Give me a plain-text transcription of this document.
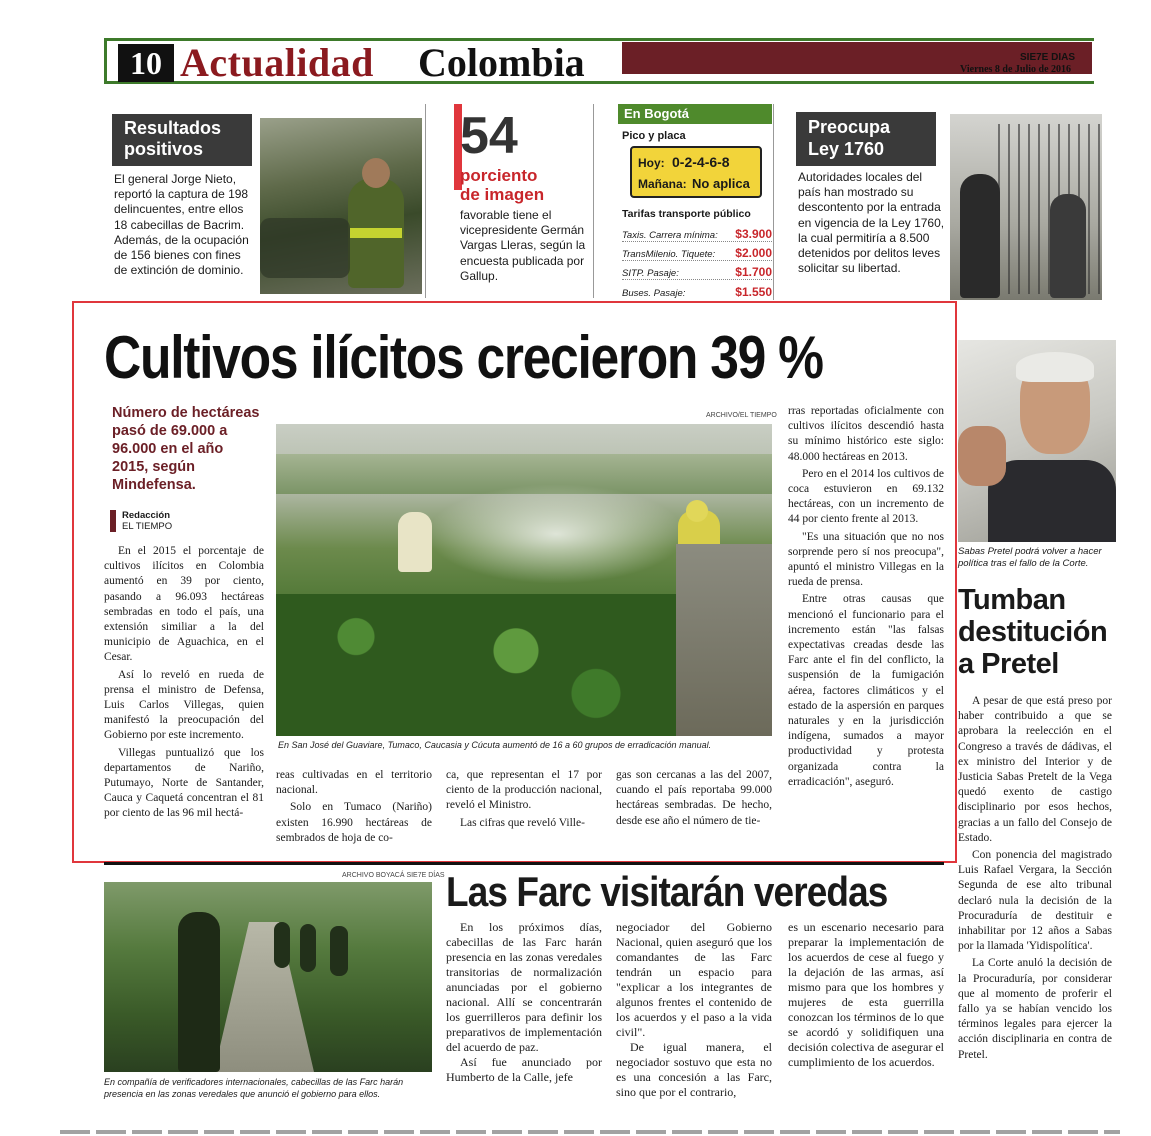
10 Actualidad Colombia	SIE7E DIAS
Viernes 8 de Julio de 2016
Resultados
positivos
El general Jorge Nieto, reportó la captura de 198 delincuentes, entre ellos 18 cabecillas de Bacrim. Además, de la ocupación de 156 bienes con fines de extinción de dominio.
54
porciento
de imagen
favorable tiene el vicepresidente Germán Vargas Lleras, según la encuesta publicada por Gallup.
En Bogotá
Pico y placa
Hoy: 0-2-4-6-8
Mañana: No aplica
Tarifas transporte público
Taxis. Carrera mínima: $3.900
TransMilenio. Tiquete: $2.000
SITP. Pasaje:	$1.700
Buses. Pasaje:	$1.550
Preocupa
Ley 1760
Autoridades locales del país han mostrado su descontento por la entrada en vigencia de la Ley 1760, la cual permitiría a 8.500 detenidos por delitos leves solicitar su libertad.
Cultivos ilícitos crecieron 39 %
Número de hectáreas pasó de 69.000 a 96.000 en el año 2015, según Mindefensa.
Redacción
EL TIEMPO

En el 2015 el porcentaje de cultivos ilícitos en Colombia aumentó en 39 por ciento, pasando a 96.093 hectáreas sembradas en todo el país, una extensión similiar a la del municipio de Aguachica, en el Cesar.

Así lo reveló en rueda de prensa el ministro de Defensa, Luis Carlos Villegas, quien manifestó la preocupación del Gobierno por este incremento.

Villegas puntualizó que los departamentos de Nariño, Putumayo, Norte de Santander, Cauca y Caquetá concentran el 81 por ciento de las 96 mil hectá-

ARCHIVO/EL TIEMPO
En San José del Guaviare, Tumaco, Caucasia y Cúcuta aumentó de 16 a 60 grupos de erradicación manual.

reas cultivadas en el territorio nacional.

Solo en Tumaco (Nariño) existen 16.990 hectáreas de sembrados de hoja de co-

ca, que representan el 17 por ciento de la producción nacional, reveló el Ministro.

Las cifras que reveló Ville-

gas son cercanas a las del 2007, cuando el país reportaba 99.000 hectáreas sembradas. De hecho, desde ese año el número de tie-

rras reportadas oficialmente con cultivos ilícitos descendió hasta su mínimo histórico este siglo: 48.000 hectáreas en 2013.

Pero en el 2014 los cultivos de coca estuvieron en 69.132 hectáreas, con un incremento de 44 por ciento frente al 2013.

"Es una situación que no nos sorprende pero sí nos preocupa", apuntó el ministro Villegas en la rueda de prensa.

Entre otras causas que mencionó el funcionario para el incremento están "las falsas expectativas creadas desde las Farc ante el fin del conflicto, la suspensión de la fumigación aérea, factores climáticos y el estado de la aspersión en parques naturales y en la jurisdicción indígena, sumados a mayor productividad y protesta organizada contra la erradicación", aseguró.

Sabas Pretel podrá volver a hacer política tras el fallo de la Corte.
Tumban
destitución
a Pretel

A pesar de que está preso por haber contribuido a que se aprobara la reelección en el Congreso a través de dádivas, el ex ministro del Interior y de Justicia Sabas Pretelt de la Vega quedó exento de castigo disciplinario por esos hechos, gracias a un fallo del Consejo de Estado.

Con ponencia del magistrado Luis Rafael Vergara, la Sección Segunda de ese alto tribunal declaró nula la decisión de la Procuraduría de destituir e inhabilitar por 12 años a Sabas por la llamada 'Yidispolítica'.

La Corte anuló la decisión de la Procuraduría, por considerar que al momento de proferir el fallo ya se habían vencido los términos legales para ejercer la acción disciplinaria en contra de Pretel.

ARCHIVO BOYACÁ SIE7E DÍAS
En compañía de verificadores internacionales, cabecillas de las Farc harán presencia en las zonas veredales que anunció el gobierno para ellos.
Las Farc visitarán veredas

En los próximos días, cabecillas de las Farc harán presencia en las zonas veredales transitorias de normalización anunciadas por el gobierno nacional. Allí se concentrarán los guerrilleros para definir los preparativos de implementación del acuerdo de paz.

Así fue anunciado por Humberto de la Calle, jefe

negociador del Gobierno Nacional, quien aseguró que los comandantes de las Farc tendrán un espacio para "explicar a los integrantes de algunos frentes el contenido de los acuerdos y el paso a la vida civil".

De igual manera, el negociador sostuvo que esta no es una concesión a las Farc, sino que por el contrario,

es un escenario necesario para preparar la implementación de los acuerdos de cese al fuego y la dejación de las armas, así mismo para que los hombres y mujeres de esta guerrilla conozcan los términos de lo que se acordó y solidifiquen una decisión colectiva de asegurar el cumplimiento de los acuerdos.
